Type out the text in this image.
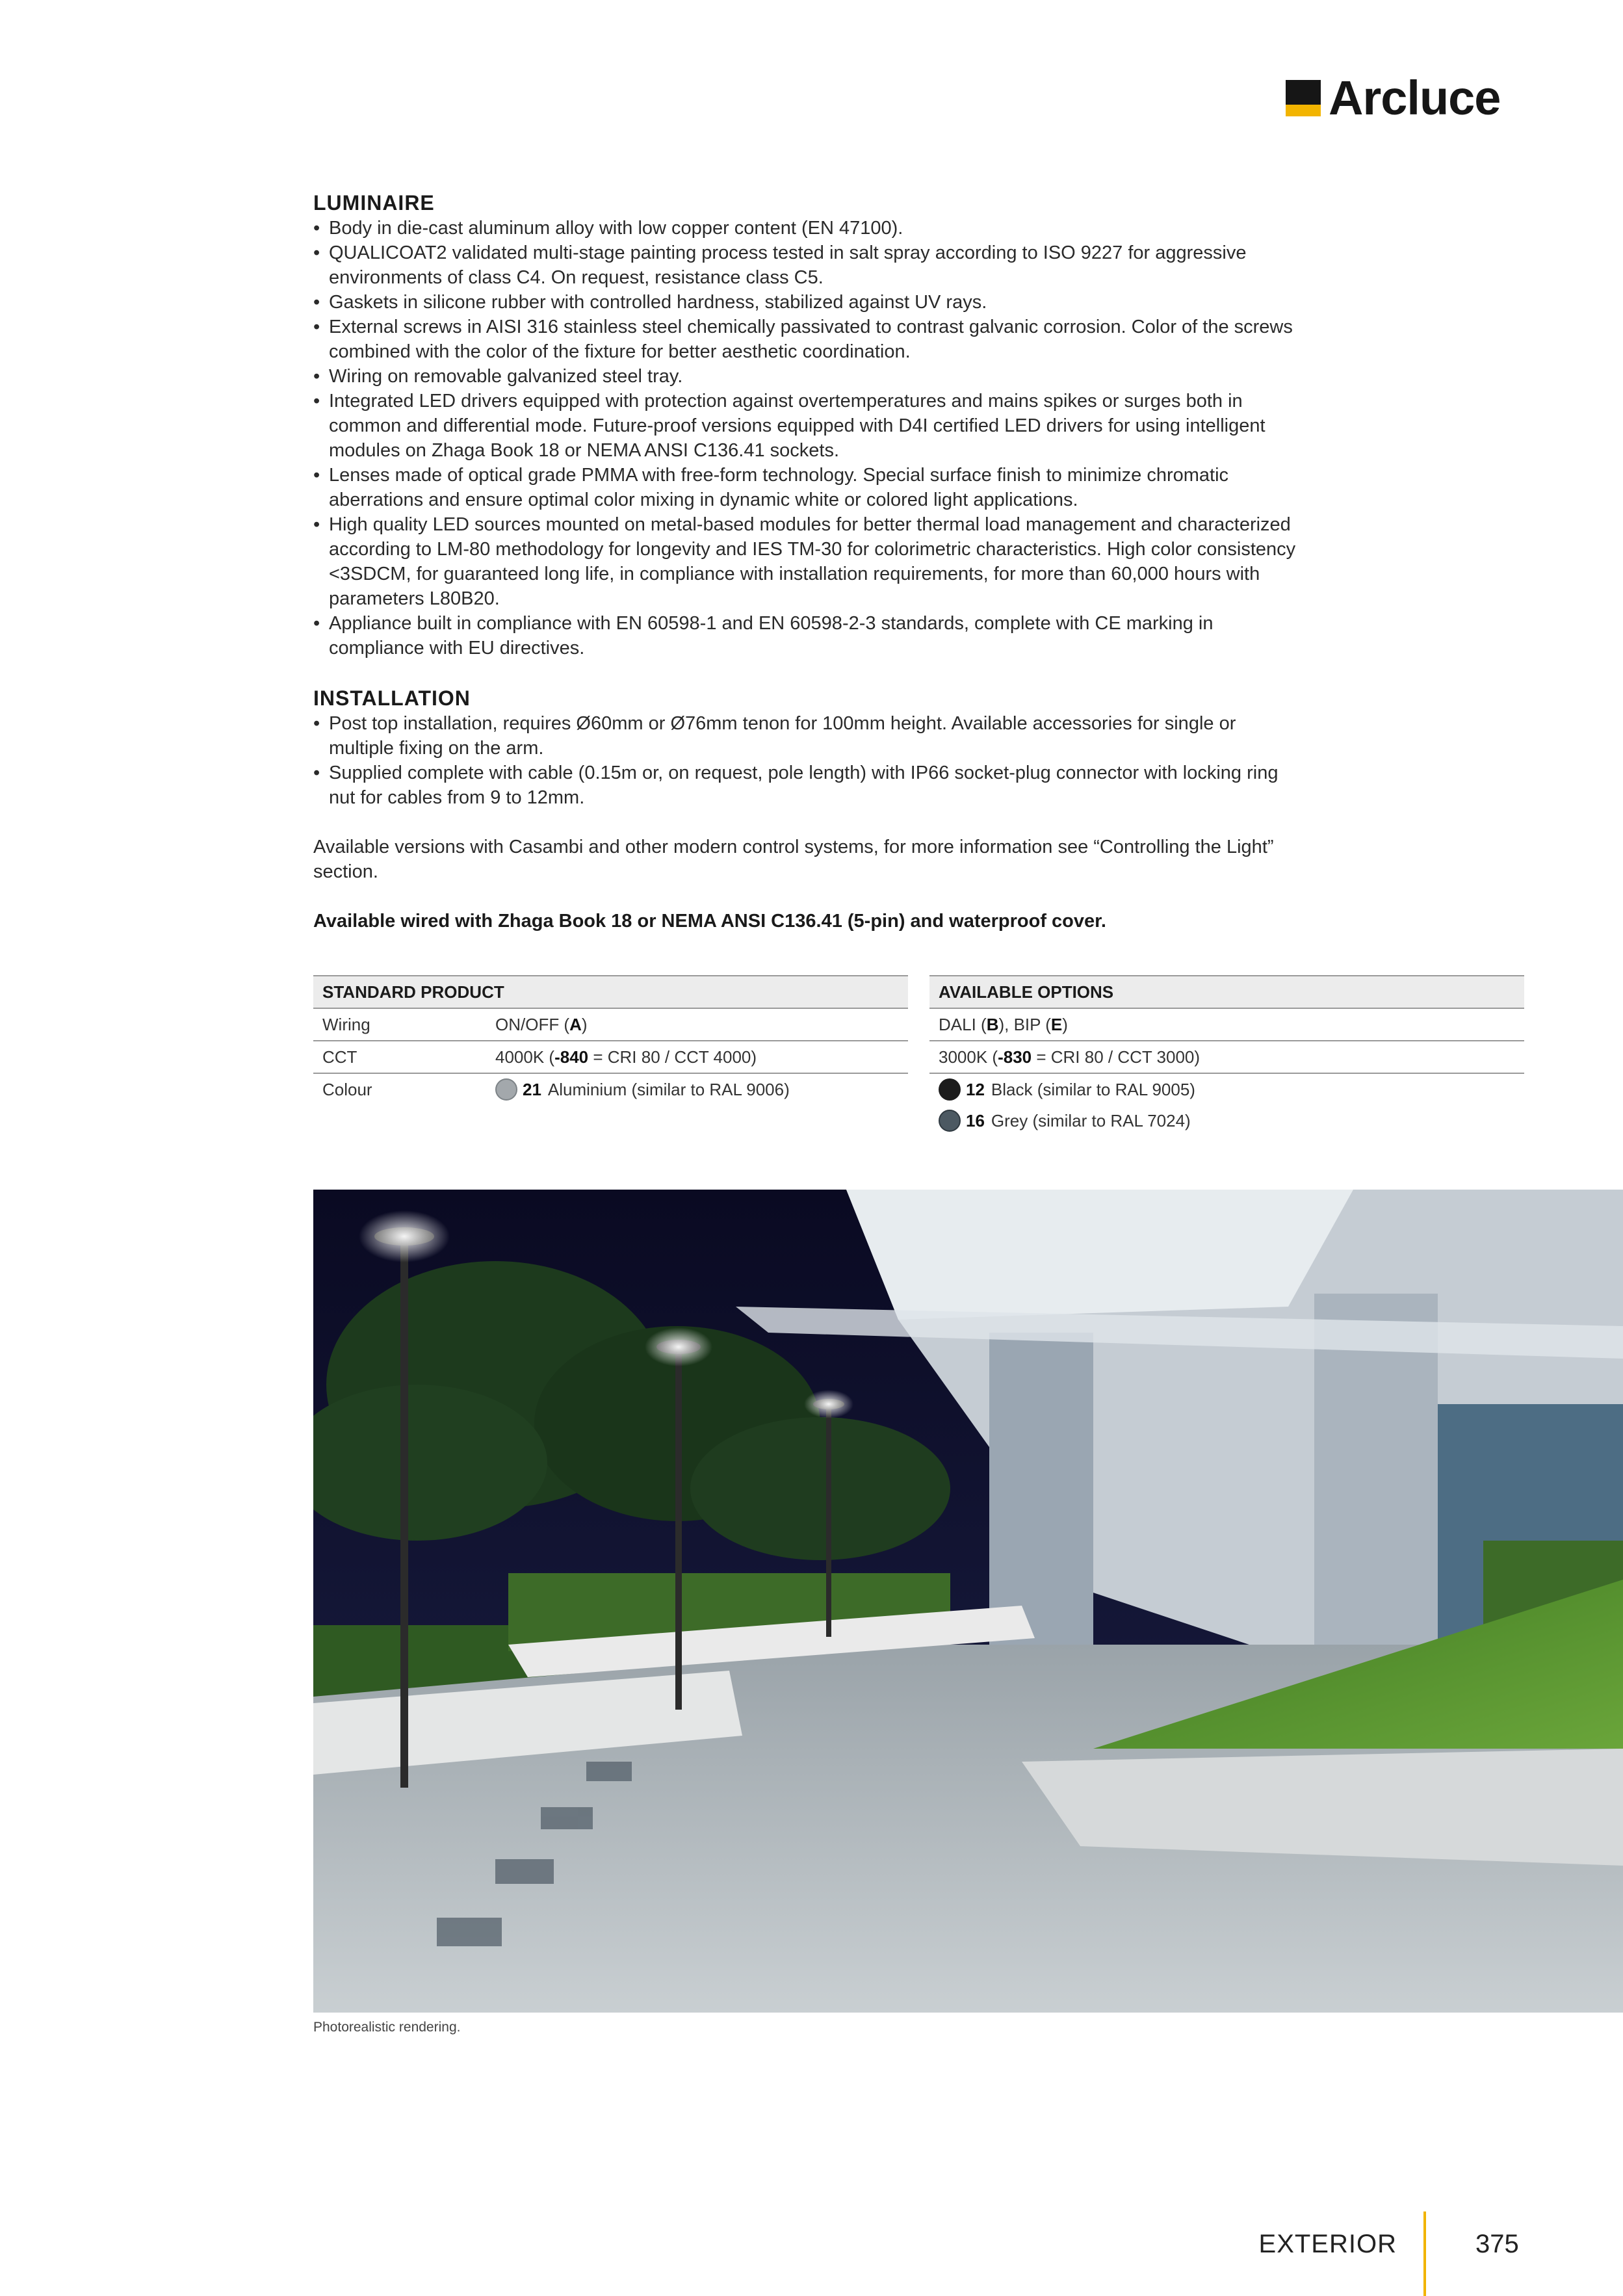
Arcluce
LUMINAIRE
• Body in die-cast aluminum alloy with low copper content (EN 47100).
• QUALICOAT2 validated multi-stage painting process tested in salt spray according to ISO 9227 for aggressive environments of class C4. On request, resistance class C5.
• Gaskets in silicone rubber with controlled hardness, stabilized against UV rays.
• External screws in AISI 316 stainless steel chemically passivated to contrast galvanic corrosion. Color of the screws combined with the color of the fixture for better aesthetic coordination.
• Wiring on removable galvanized steel tray.
• Integrated LED drivers equipped with protection against overtemperatures and mains spikes or surges both in common and differential mode. Future-proof versions equipped with D4I certified LED drivers for using intelligent modules on Zhaga Book 18 or NEMA ANSI C136.41 sockets.
• Lenses made of optical grade PMMA with free-form technology. Special surface finish to minimize chromatic aberrations and ensure optimal color mixing in dynamic white or colored light applications.
• High quality LED sources mounted on metal-based modules for better thermal load management and characterized according to LM-80 methodology for longevity and IES TM-30 for colorimetric characteristics. High color consistency <3SDCM, for guaranteed long life, in compliance with installation requirements, for more than 60,000 hours with parameters L80B20.
• Appliance built in compliance with EN 60598-1 and EN 60598-2-3 standards, complete with CE marking in compliance with EU directives.
INSTALLATION
• Post top installation, requires Ø60mm or Ø76mm tenon for 100mm height. Available accessories for single or multiple fixing on the arm.
• Supplied complete with cable (0.15m or, on request, pole length) with IP66 socket-plug connector with locking ring nut for cables from 9 to 12mm.

Available versions with Casambi and other modern control systems, for more information see “Controlling the Light” section.

Available wired with Zhaga Book 18 or NEMA ANSI C136.41 (5-pin) and waterproof cover.

STANDARD PRODUCT
Wiring	ON/OFF (A)
CCT	4000K (-840 = CRI 80 / CCT 4000)
Colour	21 Aluminium (similar to RAL 9006)
AVAILABLE OPTIONS
DALI (B), BIP (E)
3000K (-830 = CRI 80 / CCT 3000)
12 Black (similar to RAL 9005)
16 Grey (similar to RAL 7024)
Photorealistic rendering.
EXTERIOR	375
